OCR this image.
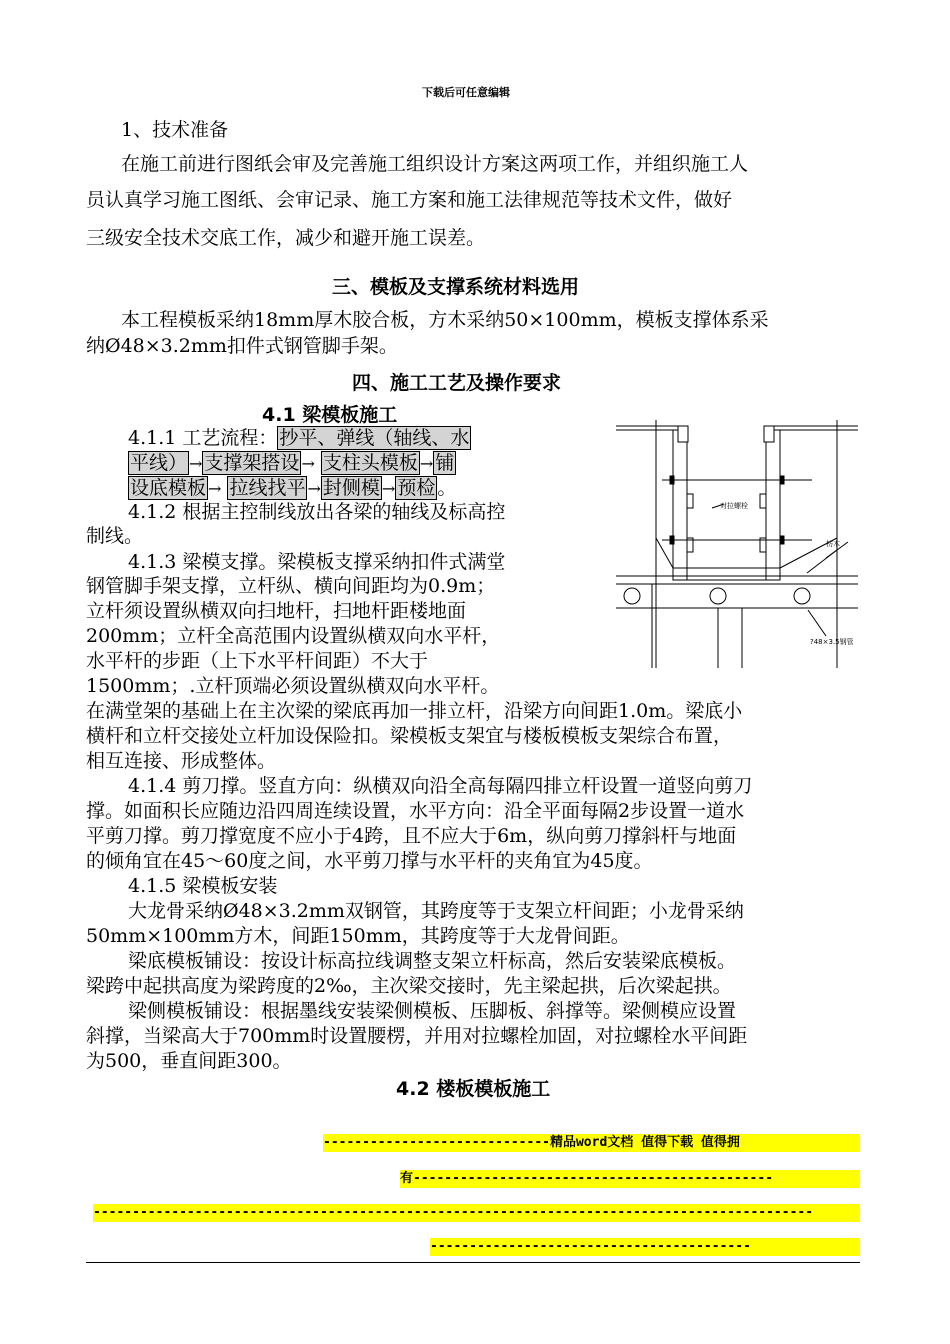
下载后可任意编辑
1、技术准备
在施工前进行图纸会审及完善施工组织设计方案这两项工作，并组织施工人
员认真学习施工图纸、会审记录、施工方案和施工法律规范等技术文件，做好
三级安全技术交底工作，减少和避开施工误差。
三、模板及支撑系统材料选用
本工程模板采纳18mm厚木胶合板，方木采纳50×100mm，模板支撑体系采
纳Ø48×3.2mm扣件式钢管脚手架。
四、施工工艺及操作要求
4.1 梁模板施工
4.1.1 工艺流程： 抄平、弹线（轴线、水
平线） → 支撑架搭设 → 支柱头模板 → 铺
设底模板 → 拉线找平 → 封侧模 → 预检 。
4.1.2 根据主控制线放出各梁的轴线及标高控
制线。
4.1.3 梁模支撑。梁模板支撑采纳扣件式满堂
钢管脚手架支撑，立杆纵、横向间距均为0.9m；
立杆须设置纵横双向扫地杆，扫地杆距楼地面
200mm；立杆全高范围内设置纵横双向水平杆，
水平杆的步距（上下水平杆间距）不大于
1500mm；.立杆顶端必须设置纵横双向水平杆。
在满堂架的基础上在主次梁的梁底再加一排立杆，沿梁方向间距1.0m。梁底小
横杆和立杆交接处立杆加设保险扣。梁模板支架宜与楼板模板支架综合布置，
相互连接、形成整体。
4.1.4 剪刀撑。竖直方向：纵横双向沿全高每隔四排立杆设置一道竖向剪刀
撑。如面积长应随边沿四周连续设置，水平方向：沿全平面每隔2步设置一道水
平剪刀撑。剪刀撑宽度不应小于4跨，且不应大于6m，纵向剪刀撑斜杆与地面
的倾角宜在45～60度之间，水平剪刀撑与水平杆的夹角宜为45度。
4.1.5 梁模板安装
大龙骨采纳Ø48×3.2mm双钢管，其跨度等于支架立杆间距；小龙骨采纳
50mm×100mm方木，间距150mm，其跨度等于大龙骨间距。
梁底模板铺设：按设计标高拉线调整支架立杆标高，然后安装梁底模板。
梁跨中起拱高度为梁跨度的2‰，主次梁交接时，先主梁起拱，后次梁起拱。
梁侧模板铺设：根据墨线安装梁侧模板、压脚板、斜撑等。梁侧模应设置
斜撑，当梁高大于700mm时设置腰楞，并用对拉螺栓加固，对拉螺栓水平间距
为500，垂直间距300。
4.2 楼板模板施工
对拉螺栓
枋木
?48×3.5钢管
-----------------------------精品word文档 值得下载 值得拥
有----------------------------------------------
--------------------------------------------------------------------------------------------
-----------------------------------------
